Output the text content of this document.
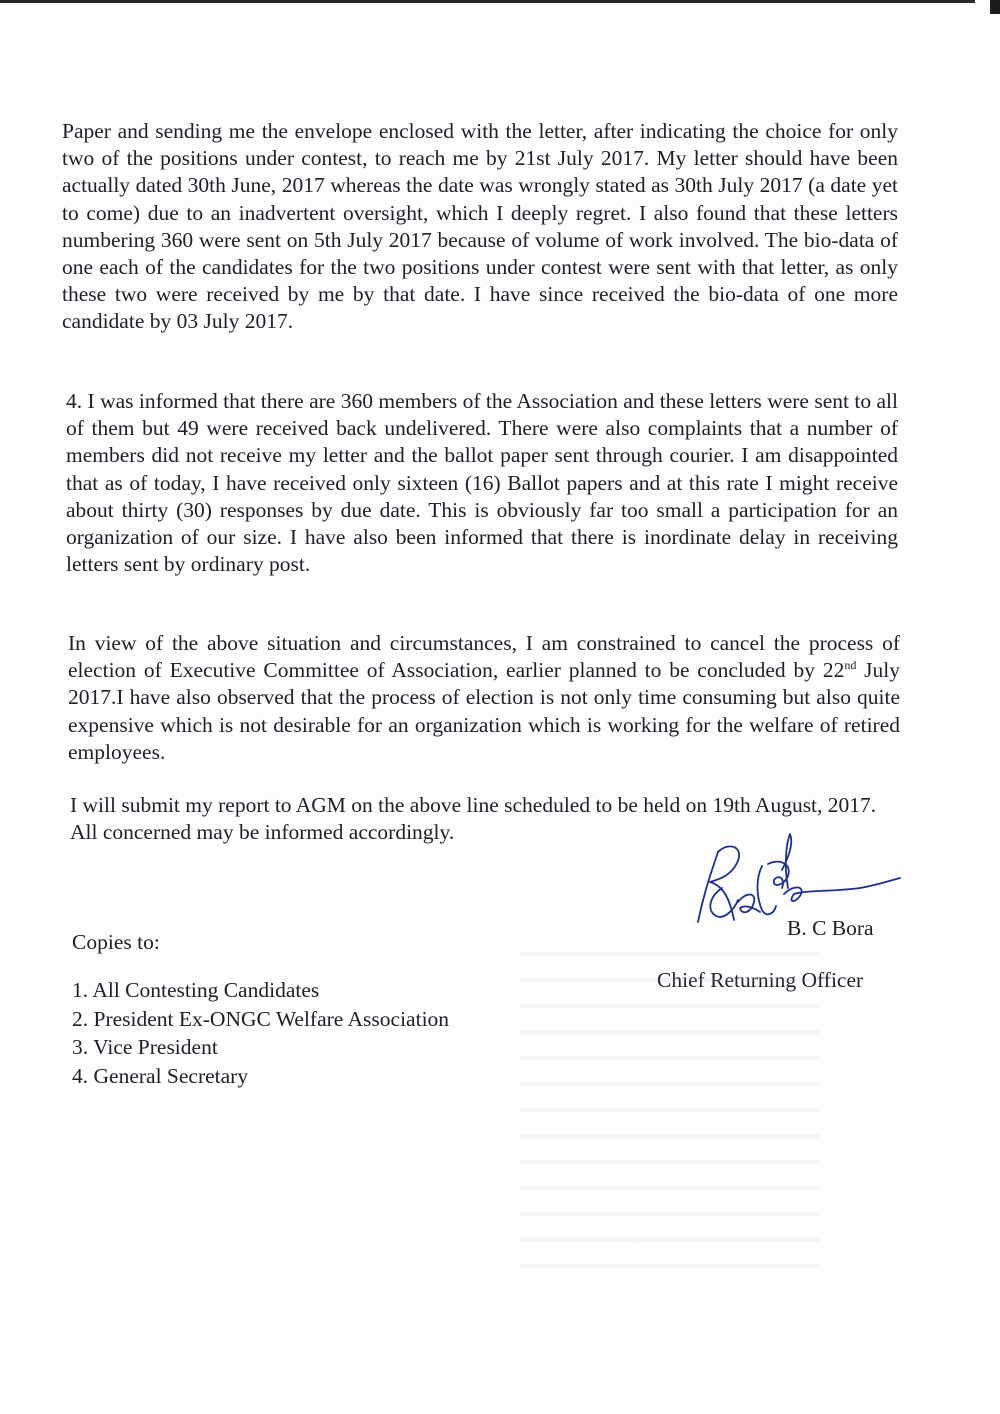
Paper and sending me the envelope enclosed with the letter, after indicating the choice for only two of the positions under contest, to reach me by 21st July 2017. My letter should have been actually dated 30th June, 2017 whereas the date was wrongly stated as 30th July 2017 (a date yet to come) due to an inadvertent oversight, which I deeply regret. I also found that these letters numbering 360 were sent on 5th July 2017 because of volume of work involved. The bio-data of one each of the candidates for the two positions under contest were sent with that letter, as only these two were received by me by that date. I have since received the bio-data of one more candidate by 03 July 2017.

4. I was informed that there are 360 members of the Association and these letters were sent to all of them but 49 were received back undelivered. There were also complaints that a number of members did not receive my letter and the ballot paper sent through courier. I am disappointed that as of today, I have received only sixteen (16) Ballot papers and at this rate I might receive about thirty (30) responses by due date. This is obviously far too small a participation for an organization of our size. I have also been informed that there is inordinate delay in receiving letters sent by ordinary post.

In view of the above situation and circumstances, I am constrained to cancel the process of election of Executive Committee of Association, earlier planned to be concluded by 22nd July 2017.I have also observed that the process of election is not only time consuming but also quite expensive which is not desirable for an organization which is working for the welfare of retired employees.

I will submit my report to AGM on the above line scheduled to be held on 19th August, 2017. All concerned may be informed accordingly.

B. C Bora
Chief Returning Officer
Copies to:
1. All Contesting Candidates
2. President Ex-ONGC Welfare Association
3. Vice President
4. General Secretary
